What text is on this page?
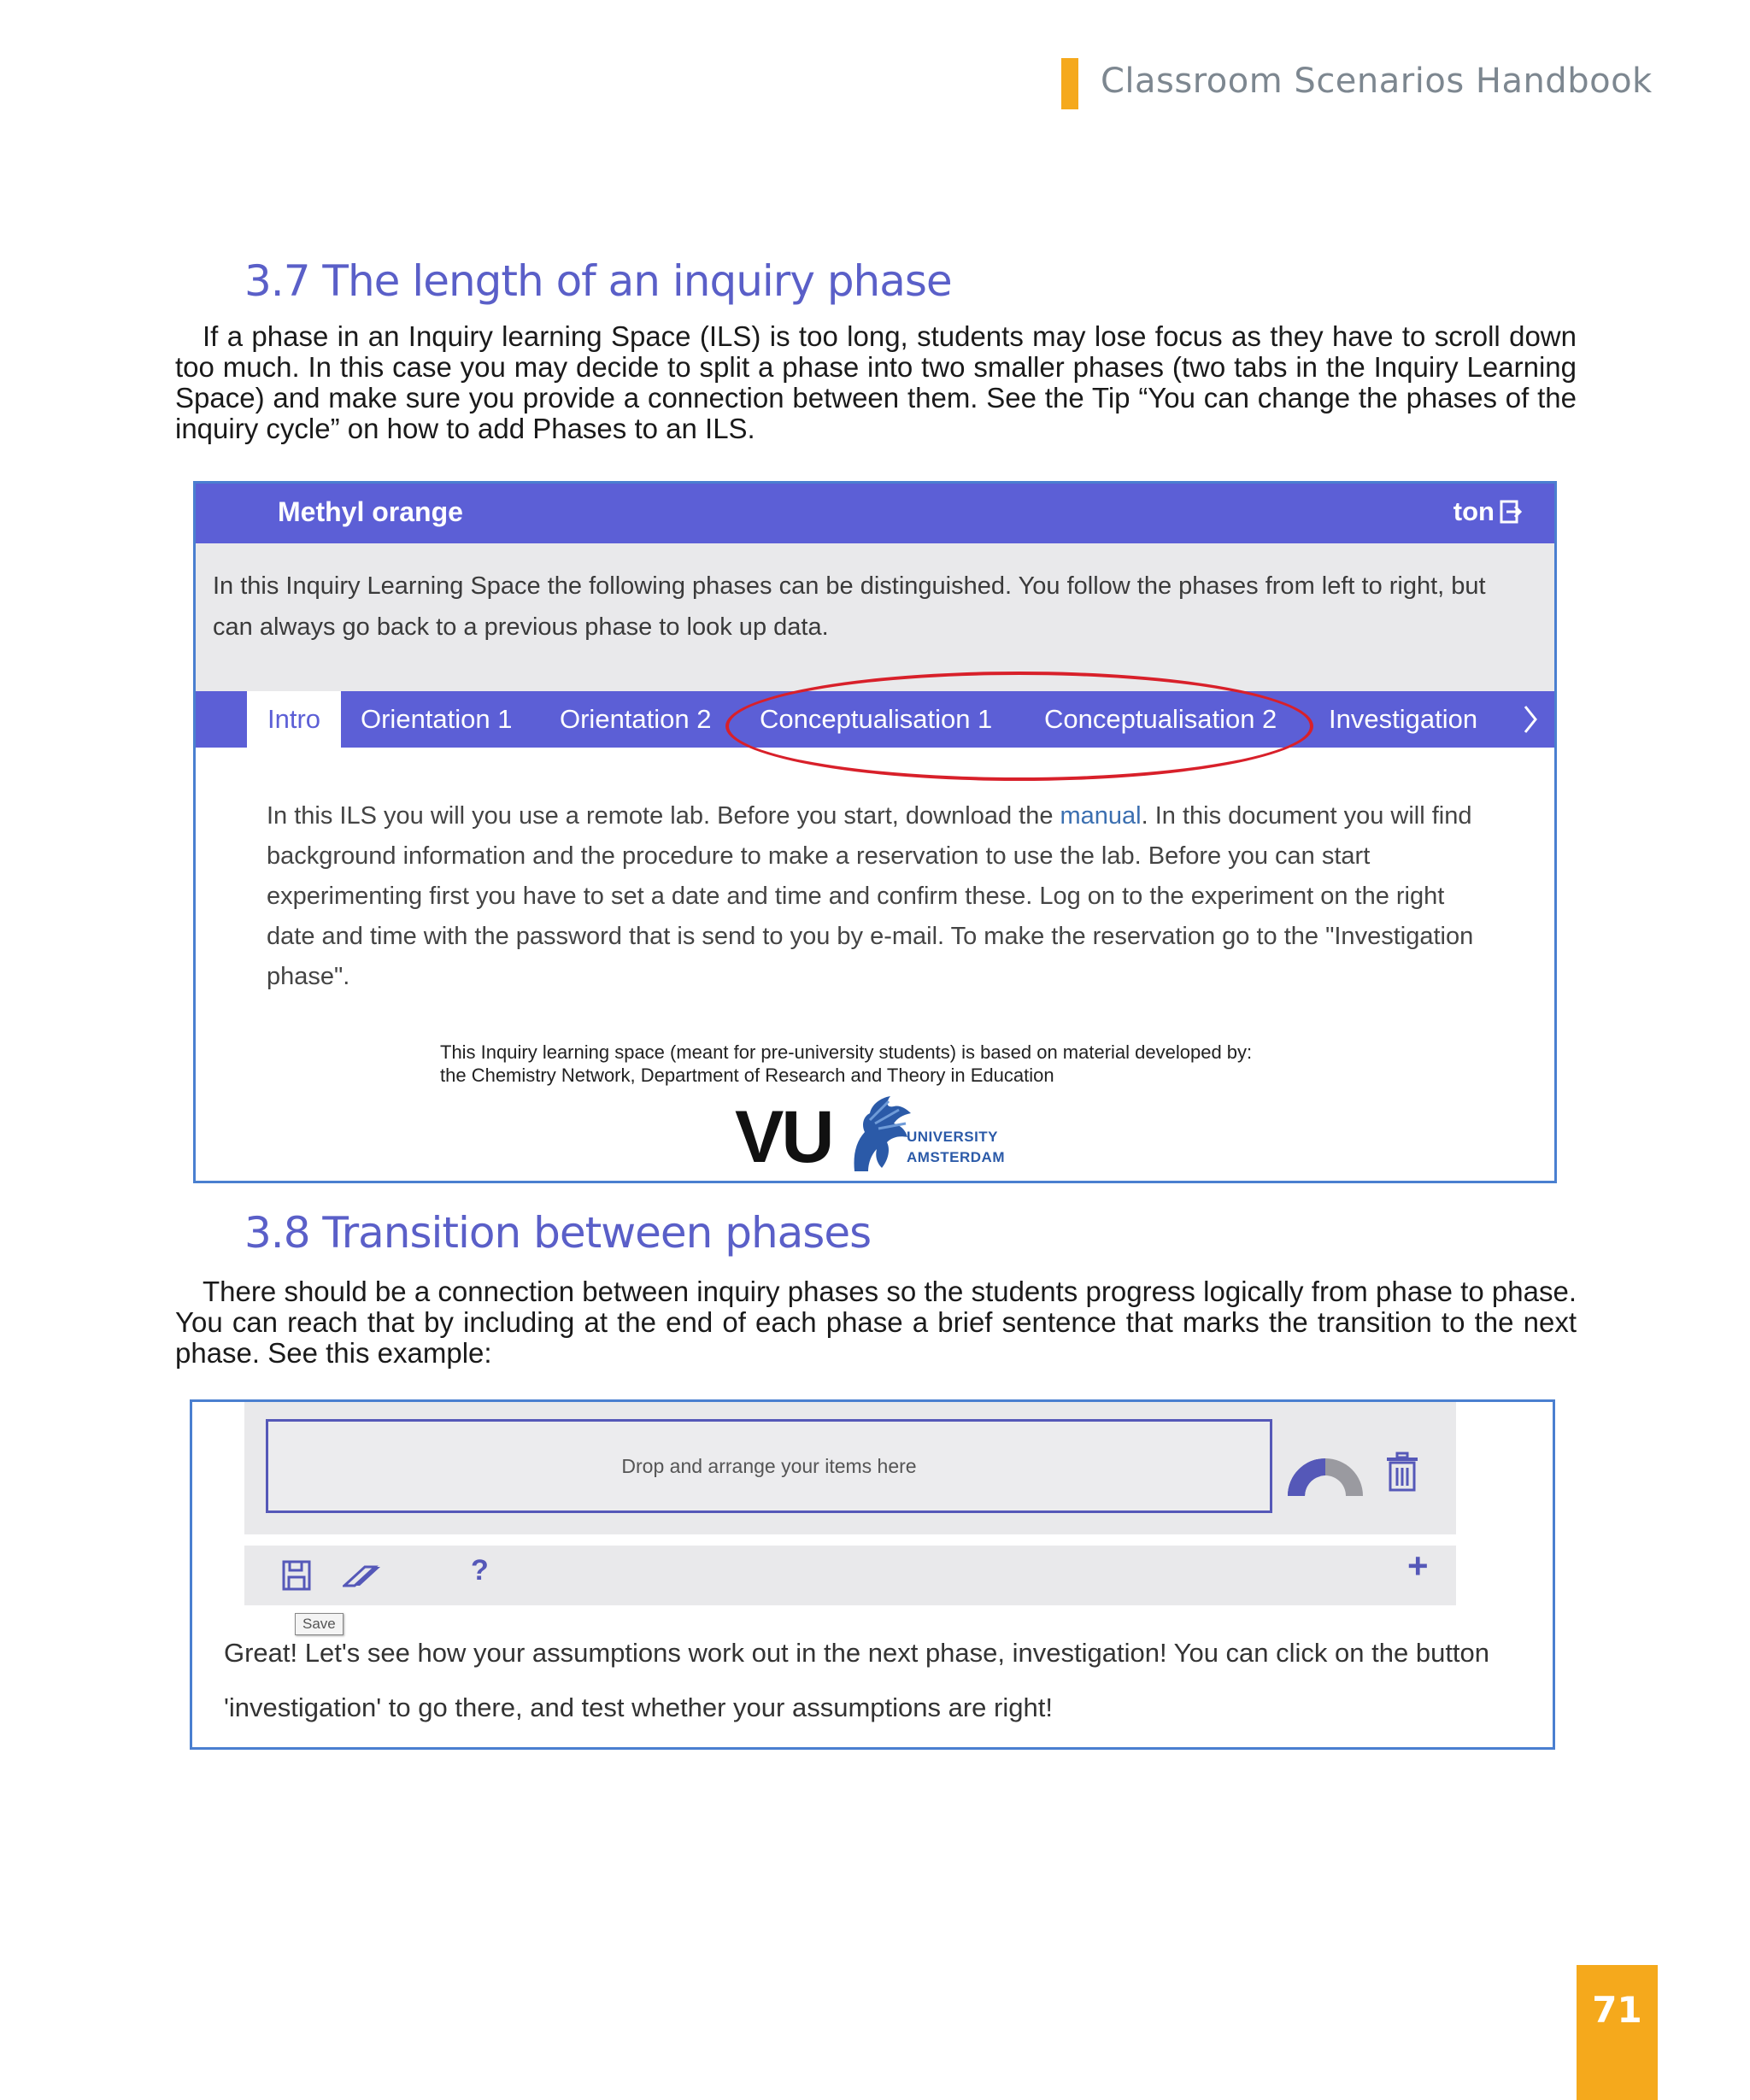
Classroom Scenarios Handbook
3.7 The length of an inquiry phase

If a phase in an Inquiry learning Space (ILS) is too long, students may lose focus as they have to scroll down too much. In this case you may decide to split a phase into two smaller phases (two tabs in the Inquiry Learning Space) and make sure you provide a connection between them. See the Tip “You can change the phases of the inquiry cycle” on how to add Phases to an ILS.

Methyl orange	ton
In this Inquiry Learning Space the following phases can be distinguished. You follow the phases from left to right, but can always go back to a previous phase to look up data.
Intro	Orientation 1 Orientation 2 Conceptualisation 1 Conceptualisation 2 Investigation
In this ILS you will you use a remote lab. Before you start, download the manual. In this document you will find background information and the procedure to make a reservation to use the lab. Before you can start experimenting first you have to set a date and time and confirm these. Log on to the experiment on the right date and time with the password that is send to you by e-mail. To make the reservation go to the "Investigation phase".
This Inquiry learning space (meant for pre-university students) is based on material developed by:
the Chemistry Network, Department of Research and Theory in Education
VU	UNIVERSITY
AMSTERDAM
3.8 Transition between phases

There should be a connection between inquiry phases so the students progress logically from phase to phase. You can reach that by including at the end of each phase a brief sentence that marks the transition to the next phase. See this example:

Drop and arrange your items here
?	+
Great! Let's see how your assumptions work out in the next phase, investigation! You can click on the button 'investigation' to go there, and test whether your assumptions are right!
Save
71
